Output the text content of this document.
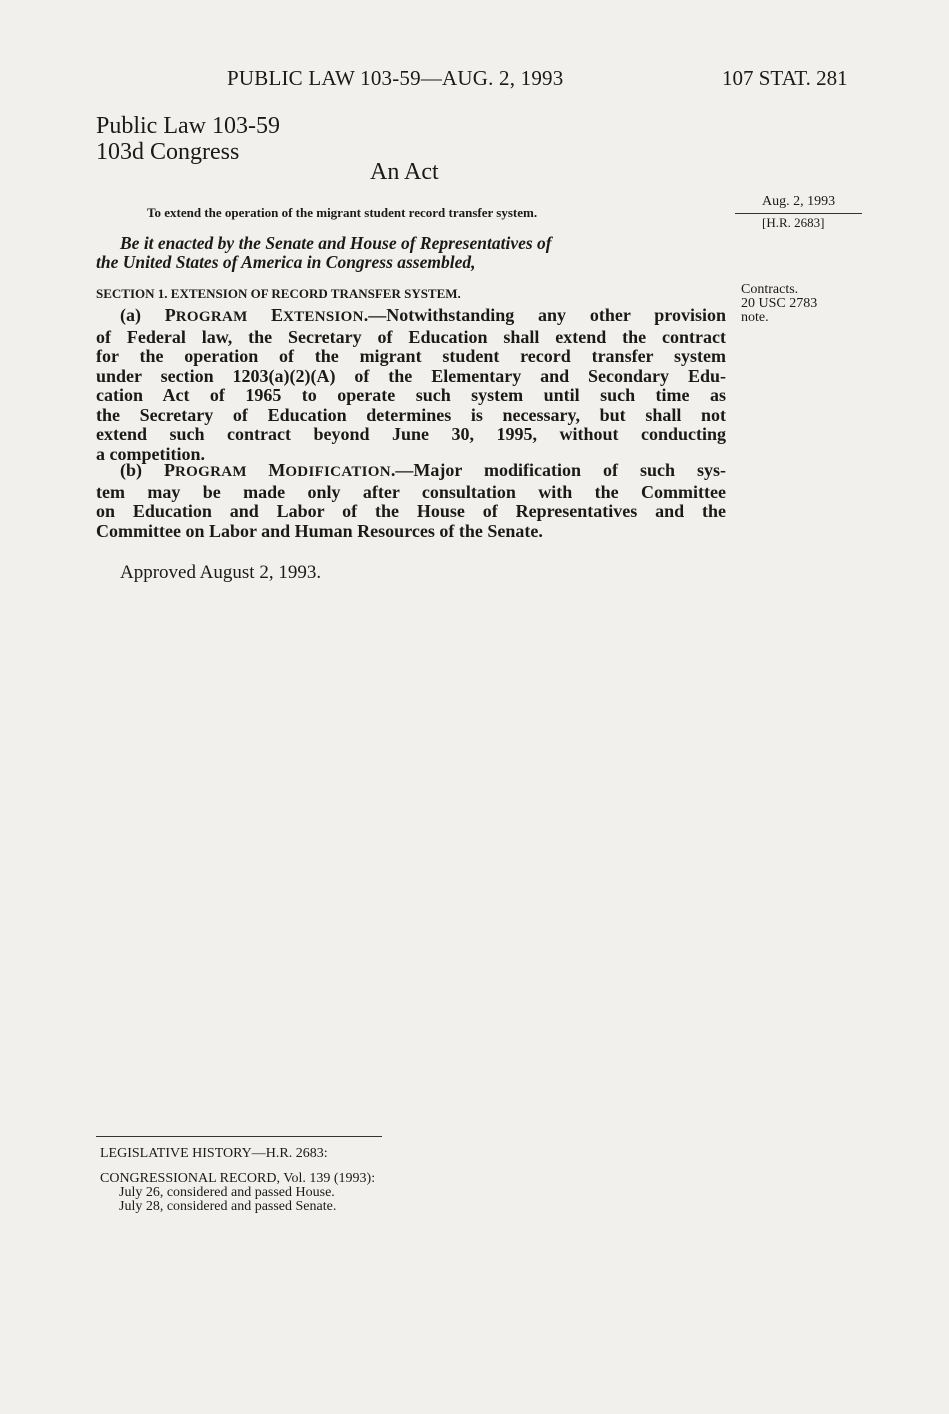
PUBLIC LAW 103-59—AUG. 2, 1993	107 STAT. 281
Public Law 103-59
103d Congress
An Act
To extend the operation of the migrant student record transfer system.
Aug. 2, 1993
[H.R. 2683]

Be it enacted by the Senate and House of Representatives of

the United States of America in Congress assembled,

SECTION 1. EXTENSION OF RECORD TRANSFER SYSTEM.	Contracts.
20 USC 2783
note.

(a) PROGRAM EXTENSION.—Notwithstanding any other provision

of Federal law, the Secretary of Education shall extend the contract

for the operation of the migrant student record transfer system

under section 1203(a)(2)(A) of the Elementary and Secondary Edu-

cation Act of 1965 to operate such system until such time as

the Secretary of Education determines is necessary, but shall not

extend such contract beyond June 30, 1995, without conducting

a competition.

(b) PROGRAM MODIFICATION.—Major modification of such sys-

tem may be made only after consultation with the Committee

on Education and Labor of the House of Representatives and the

Committee on Labor and Human Resources of the Senate.

Approved August 2, 1993.
LEGISLATIVE HISTORY—H.R. 2683:
CONGRESSIONAL RECORD, Vol. 139 (1993):
July 26, considered and passed House.
July 28, considered and passed Senate.
